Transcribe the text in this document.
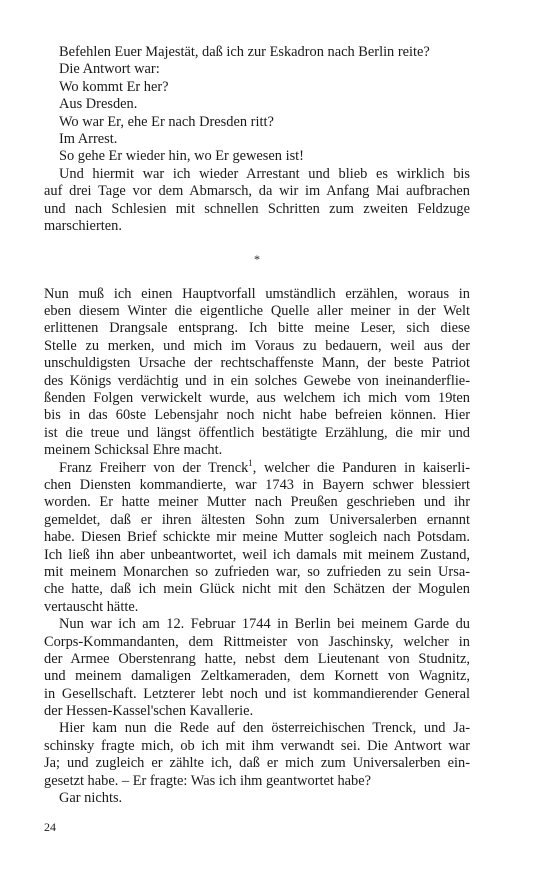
Befehlen Euer Majestät, daß ich zur Eskadron nach Berlin reite?
Die Antwort war:
Wo kommt Er her?
Aus Dresden.
Wo war Er, ehe Er nach Dresden ritt?
Im Arrest.
So gehe Er wieder hin, wo Er gewesen ist!
Und hiermit war ich wieder Arrestant und blieb es wirklich bis
auf drei Tage vor dem Abmarsch, da wir im Anfang Mai aufbrachen
und nach Schlesien mit schnellen Schritten zum zweiten Feldzuge
marschierten.
*
Nun muß ich einen Hauptvorfall umständlich erzählen, woraus in
eben diesem Winter die eigentliche Quelle aller meiner in der Welt
erlittenen Drangsale entsprang. Ich bitte meine Leser, sich diese
Stelle zu merken, und mich im Voraus zu bedauern, weil aus der
unschuldigsten Ursache der rechtschaffenste Mann, der beste Patriot
des Königs verdächtig und in ein solches Gewebe von ineinanderflie-
ßenden Folgen verwickelt wurde, aus welchem ich mich vom 19ten
bis in das 60ste Lebensjahr noch nicht habe befreien können. Hier
ist die treue und längst öffentlich bestätigte Erzählung, die mir und
meinem Schicksal Ehre macht.
Franz Freiherr von der Trenck$^1$, welcher die Panduren in kaiserli-
chen Diensten kommandierte, war 1743 in Bayern schwer blessiert
worden. Er hatte meiner Mutter nach Preußen geschrieben und ihr
gemeldet, daß er ihren ältesten Sohn zum Universalerben ernannt
habe. Diesen Brief schickte mir meine Mutter sogleich nach Potsdam.
Ich ließ ihn aber unbeantwortet, weil ich damals mit meinem Zustand,
mit meinem Monarchen so zufrieden war, so zufrieden zu sein Ursa-
che hatte, daß ich mein Glück nicht mit den Schätzen der Mogulen
vertauscht hätte.
Nun war ich am 12. Februar 1744 in Berlin bei meinem Garde du
Corps-Kommandanten, dem Rittmeister von Jaschinsky, welcher in
der Armee Oberstenrang hatte, nebst dem Lieutenant von Studnitz,
und meinem damaligen Zeltkameraden, dem Kornett von Wagnitz,
in Gesellschaft. Letzterer lebt noch und ist kommandierender General
der Hessen-Kassel'schen Kavallerie.
Hier kam nun die Rede auf den österreichischen Trenck, und Ja-
schinsky fragte mich, ob ich mit ihm verwandt sei. Die Antwort war
Ja; und zugleich er zählte ich, daß er mich zum Universalerben ein-
gesetzt habe. – Er fragte: Was ich ihm geantwortet habe?
Gar nichts.
24
